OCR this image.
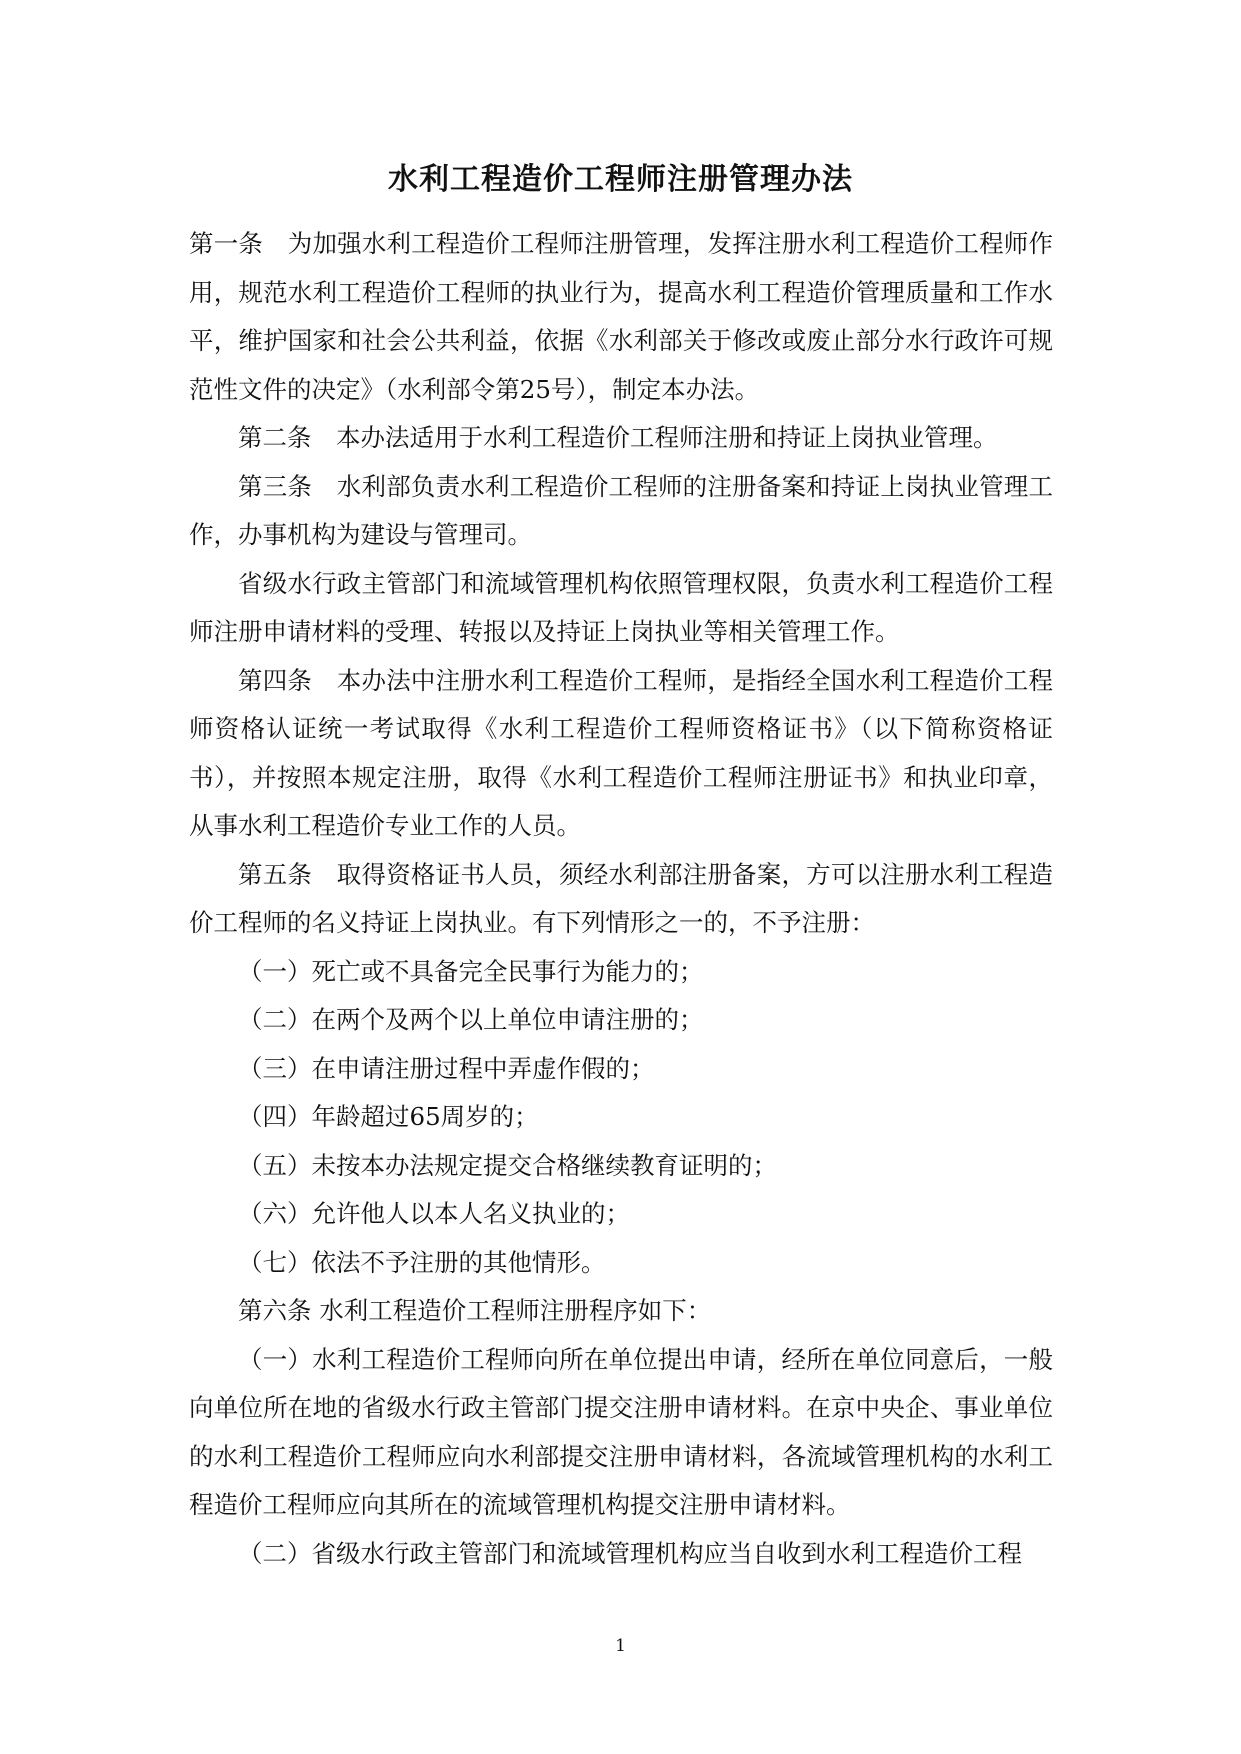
水利工程造价工程师注册管理办法

第一条　为加强水利工程造价工程师注册管理，发挥注册水利工程造价工程师作用，规范水利工程造价工程师的执业行为，提高水利工程造价管理质量和工作水平，维护国家和社会公共利益，依据《水利部关于修改或废止部分水行政许可规范性文件的决定》（水利部令第25号），制定本办法。

第二条　本办法适用于水利工程造价工程师注册和持证上岗执业管理。

第三条　水利部负责水利工程造价工程师的注册备案和持证上岗执业管理工作，办事机构为建设与管理司。

省级水行政主管部门和流域管理机构依照管理权限，负责水利工程造价工程师注册申请材料的受理、转报以及持证上岗执业等相关管理工作。

第四条　本办法中注册水利工程造价工程师，是指经全国水利工程造价工程师资格认证统一考试取得《水利工程造价工程师资格证书》（以下简称资格证书），并按照本规定注册，取得《水利工程造价工程师注册证书》和执业印章，从事水利工程造价专业工作的人员。

第五条　取得资格证书人员，须经水利部注册备案，方可以注册水利工程造价工程师的名义持证上岗执业。有下列情形之一的，不予注册：

（一）死亡或不具备完全民事行为能力的；

（二）在两个及两个以上单位申请注册的；

（三）在申请注册过程中弄虚作假的；

（四）年龄超过65周岁的；

（五）未按本办法规定提交合格继续教育证明的；

（六）允许他人以本人名义执业的；

（七）依法不予注册的其他情形。

第六条 水利工程造价工程师注册程序如下：

（一）水利工程造价工程师向所在单位提出申请，经所在单位同意后，一般向单位所在地的省级水行政主管部门提交注册申请材料。在京中央企、事业单位的水利工程造价工程师应向水利部提交注册申请材料，各流域管理机构的水利工程造价工程师应向其所在的流域管理机构提交注册申请材料。

（二）省级水行政主管部门和流域管理机构应当自收到水利工程造价工程

1
